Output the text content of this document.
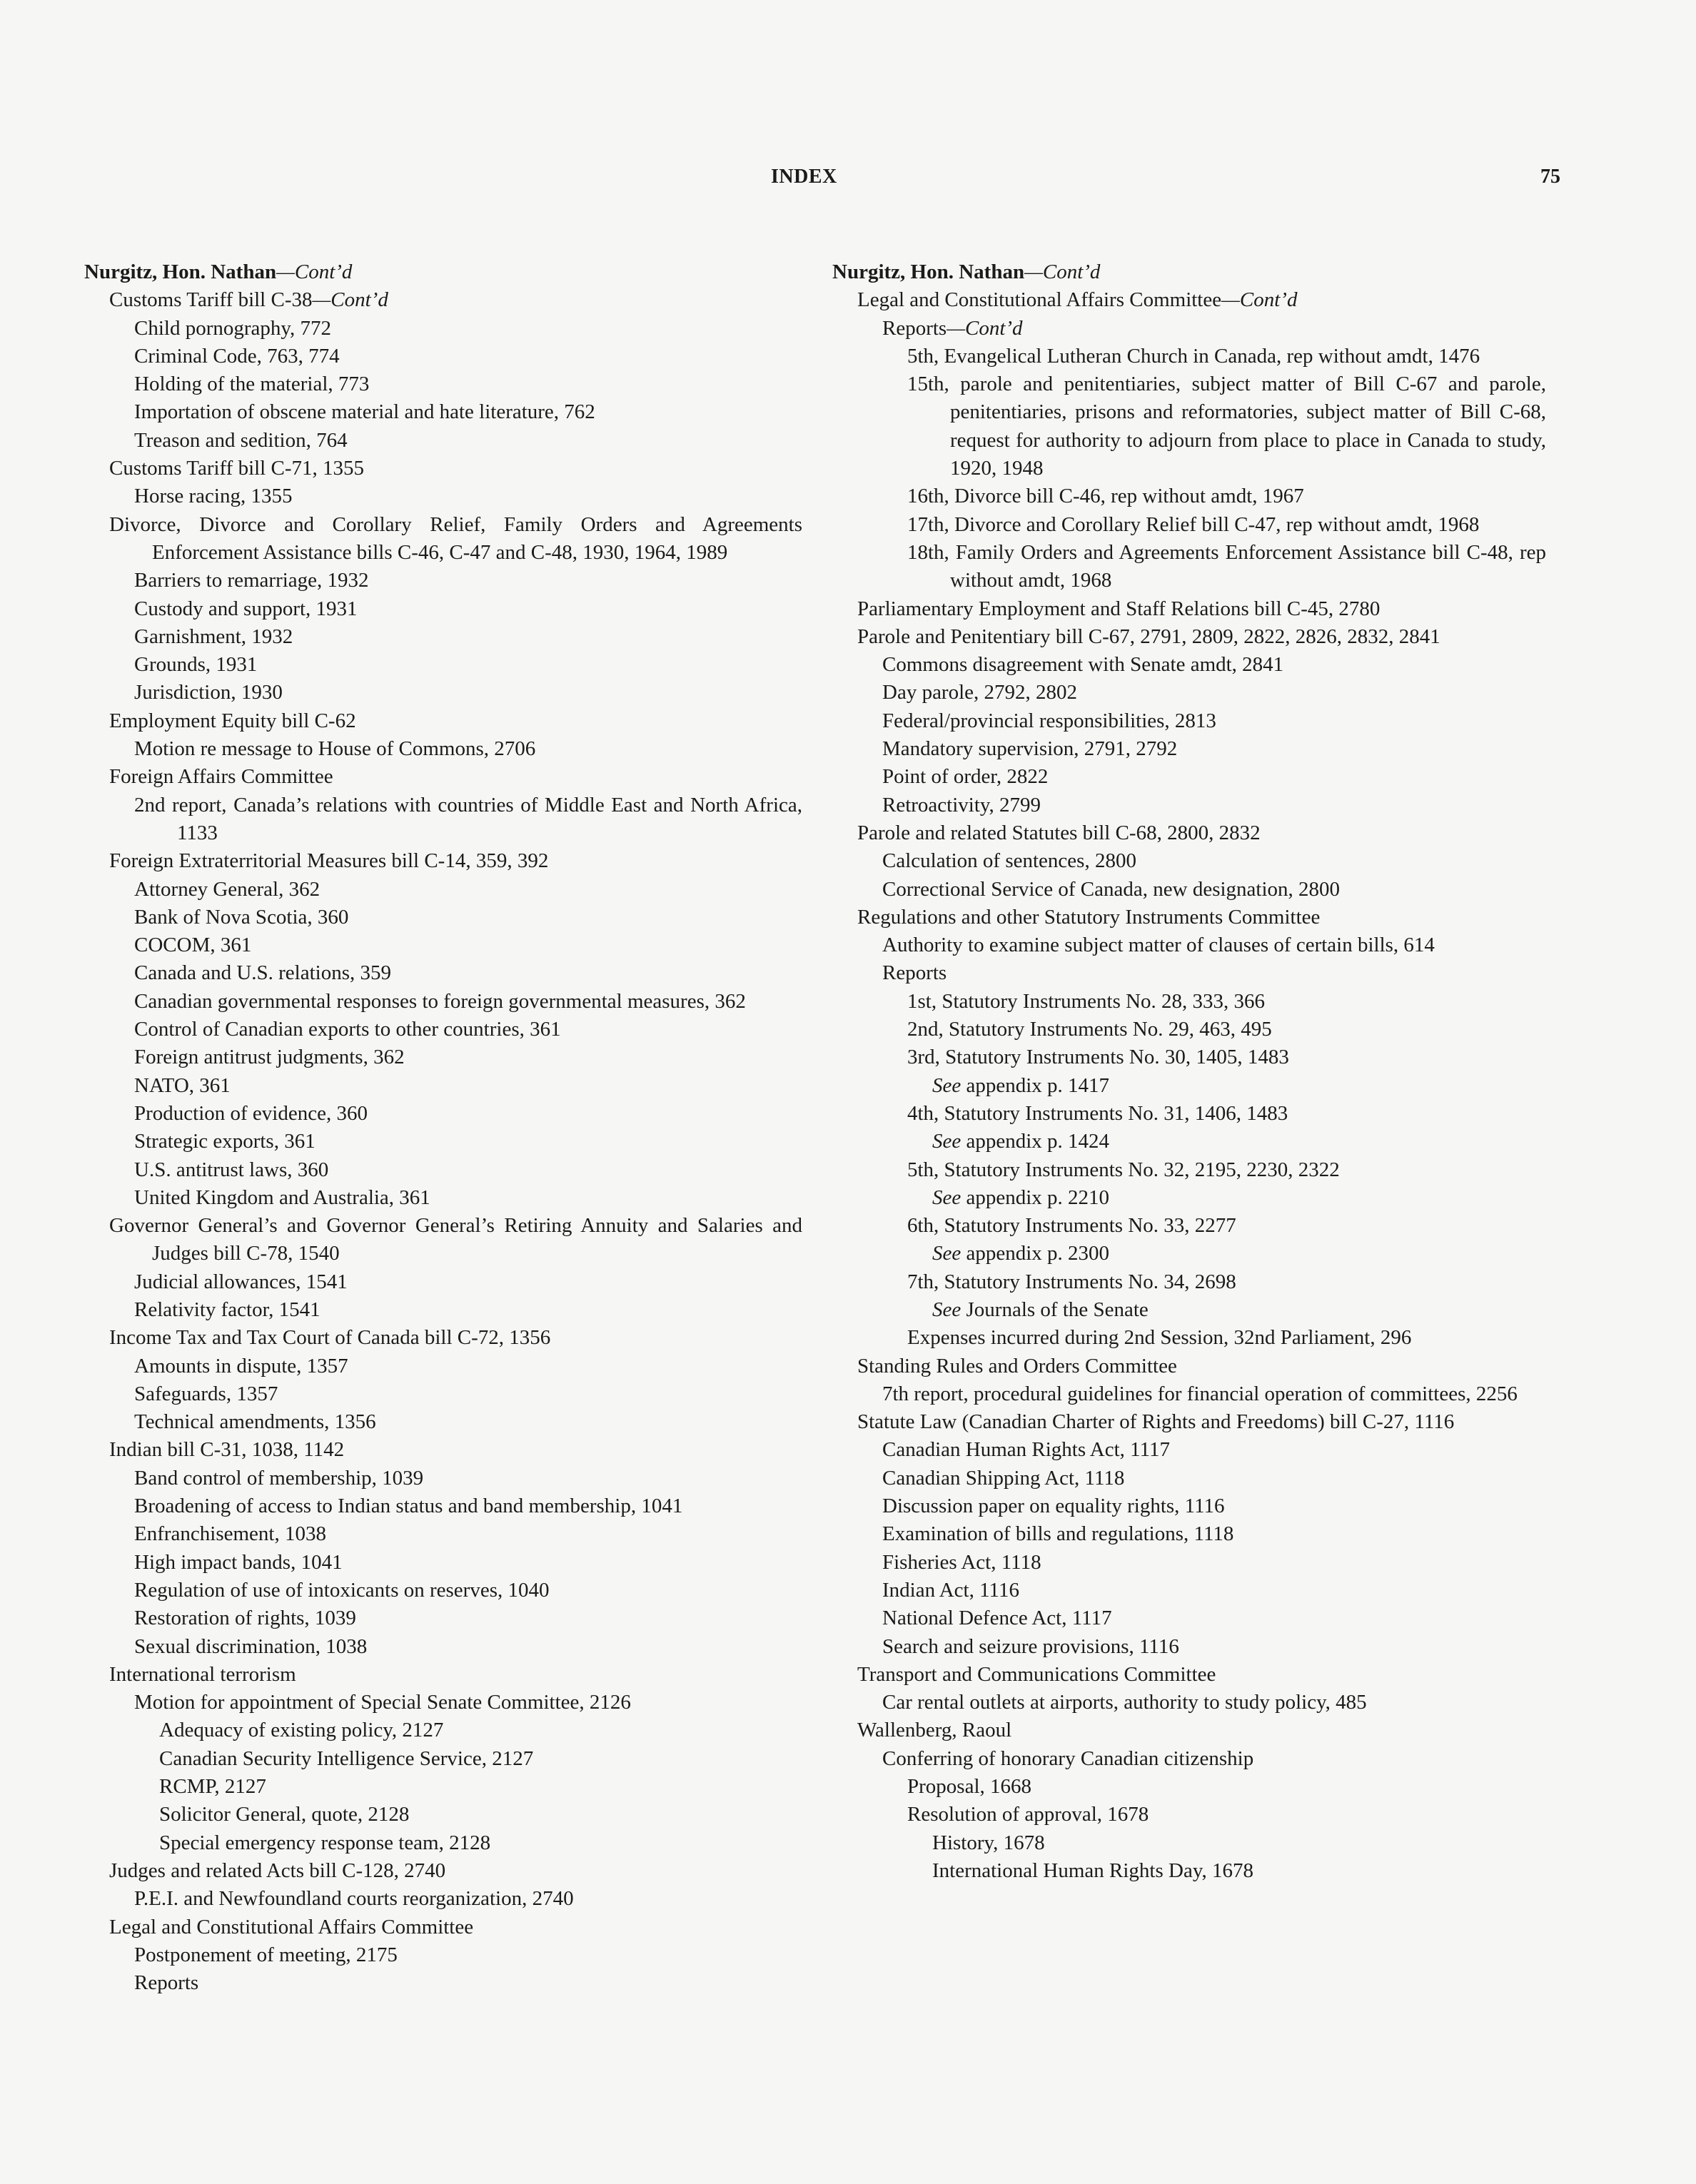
INDEX	75
Nurgitz, Hon. Nathan—Cont’d
Customs Tariff bill C-38—Cont’d
Child pornography, 772
Criminal Code, 763, 774
Holding of the material, 773
Importation of obscene material and hate literature, 762
Treason and sedition, 764
Customs Tariff bill C-71, 1355
Horse racing, 1355
Divorce, Divorce and Corollary Relief, Family Orders and Agreements Enforcement Assistance bills C-46, C-47 and C-48, 1930, 1964, 1989
Barriers to remarriage, 1932
Custody and support, 1931
Garnishment, 1932
Grounds, 1931
Jurisdiction, 1930
Employment Equity bill C-62
Motion re message to House of Commons, 2706
Foreign Affairs Committee
2nd report, Canada’s relations with countries of Middle East and North Africa, 1133
Foreign Extraterritorial Measures bill C-14, 359, 392
Attorney General, 362
Bank of Nova Scotia, 360
COCOM, 361
Canada and U.S. relations, 359
Canadian governmental responses to foreign governmental measures, 362
Control of Canadian exports to other countries, 361
Foreign antitrust judgments, 362
NATO, 361
Production of evidence, 360
Strategic exports, 361
U.S. antitrust laws, 360
United Kingdom and Australia, 361
Governor General’s and Governor General’s Retiring Annuity and Salaries and Judges bill C-78, 1540
Judicial allowances, 1541
Relativity factor, 1541
Income Tax and Tax Court of Canada bill C-72, 1356
Amounts in dispute, 1357
Safeguards, 1357
Technical amendments, 1356
Indian bill C-31, 1038, 1142
Band control of membership, 1039
Broadening of access to Indian status and band membership, 1041
Enfranchisement, 1038
High impact bands, 1041
Regulation of use of intoxicants on reserves, 1040
Restoration of rights, 1039
Sexual discrimination, 1038
International terrorism
Motion for appointment of Special Senate Committee, 2126
Adequacy of existing policy, 2127
Canadian Security Intelligence Service, 2127
RCMP, 2127
Solicitor General, quote, 2128
Special emergency response team, 2128
Judges and related Acts bill C-128, 2740
P.E.I. and Newfoundland courts reorganization, 2740
Legal and Constitutional Affairs Committee
Postponement of meeting, 2175
Reports
Nurgitz, Hon. Nathan—Cont’d
Legal and Constitutional Affairs Committee—Cont’d
Reports—Cont’d
5th, Evangelical Lutheran Church in Canada, rep without amdt, 1476
15th, parole and penitentiaries, subject matter of Bill C-67 and parole, penitentiaries, prisons and reformatories, subject matter of Bill C-68, request for authority to adjourn from place to place in Canada to study, 1920, 1948
16th, Divorce bill C-46, rep without amdt, 1967
17th, Divorce and Corollary Relief bill C-47, rep without amdt, 1968
18th, Family Orders and Agreements Enforcement Assistance bill C-48, rep without amdt, 1968
Parliamentary Employment and Staff Relations bill C-45, 2780
Parole and Penitentiary bill C-67, 2791, 2809, 2822, 2826, 2832, 2841
Commons disagreement with Senate amdt, 2841
Day parole, 2792, 2802
Federal/provincial responsibilities, 2813
Mandatory supervision, 2791, 2792
Point of order, 2822
Retroactivity, 2799
Parole and related Statutes bill C-68, 2800, 2832
Calculation of sentences, 2800
Correctional Service of Canada, new designation, 2800
Regulations and other Statutory Instruments Committee
Authority to examine subject matter of clauses of certain bills, 614
Reports
1st, Statutory Instruments No. 28, 333, 366
2nd, Statutory Instruments No. 29, 463, 495
3rd, Statutory Instruments No. 30, 1405, 1483
See appendix p. 1417
4th, Statutory Instruments No. 31, 1406, 1483
See appendix p. 1424
5th, Statutory Instruments No. 32, 2195, 2230, 2322
See appendix p. 2210
6th, Statutory Instruments No. 33, 2277
See appendix p. 2300
7th, Statutory Instruments No. 34, 2698
See Journals of the Senate
Expenses incurred during 2nd Session, 32nd Parliament, 296
Standing Rules and Orders Committee
7th report, procedural guidelines for financial operation of committees, 2256
Statute Law (Canadian Charter of Rights and Freedoms) bill C-27, 1116
Canadian Human Rights Act, 1117
Canadian Shipping Act, 1118
Discussion paper on equality rights, 1116
Examination of bills and regulations, 1118
Fisheries Act, 1118
Indian Act, 1116
National Defence Act, 1117
Search and seizure provisions, 1116
Transport and Communications Committee
Car rental outlets at airports, authority to study policy, 485
Wallenberg, Raoul
Conferring of honorary Canadian citizenship
Proposal, 1668
Resolution of approval, 1678
History, 1678
International Human Rights Day, 1678
